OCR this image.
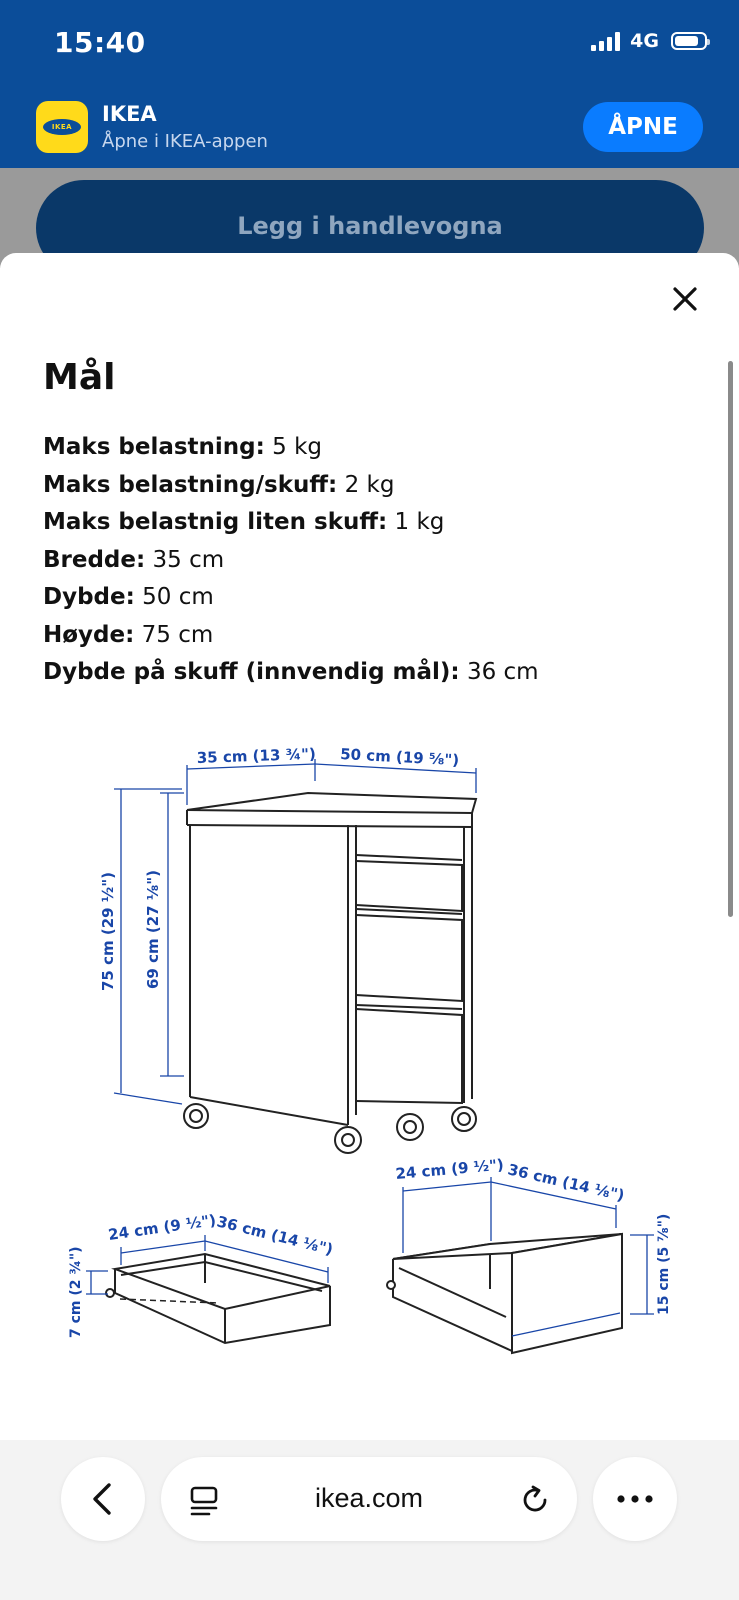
15:40	4G
IKEA
IKEA
Åpne i IKEA-appen
ÅPNE
Legg i handlevogna
Mål
Maks belastning: 5 kg
Maks belastning/skuff: 2 kg
Maks belastnig liten skuff: 1 kg
Bredde: 35 cm
Dybde: 50 cm
Høyde: 75 cm
Dybde på skuff (innvendig mål): 36 cm
35 cm (13 ¾") 50 cm (19 ⅝")
75 cm (29 ½") 69 cm (27 ⅛")
24 cm (9 ½")
36 cm (14 ⅛")
7 cm (2 ¾")
24 cm (9 ½") 36 cm (14 ⅛")
15 cm (5 ⅞")
ikea.com
